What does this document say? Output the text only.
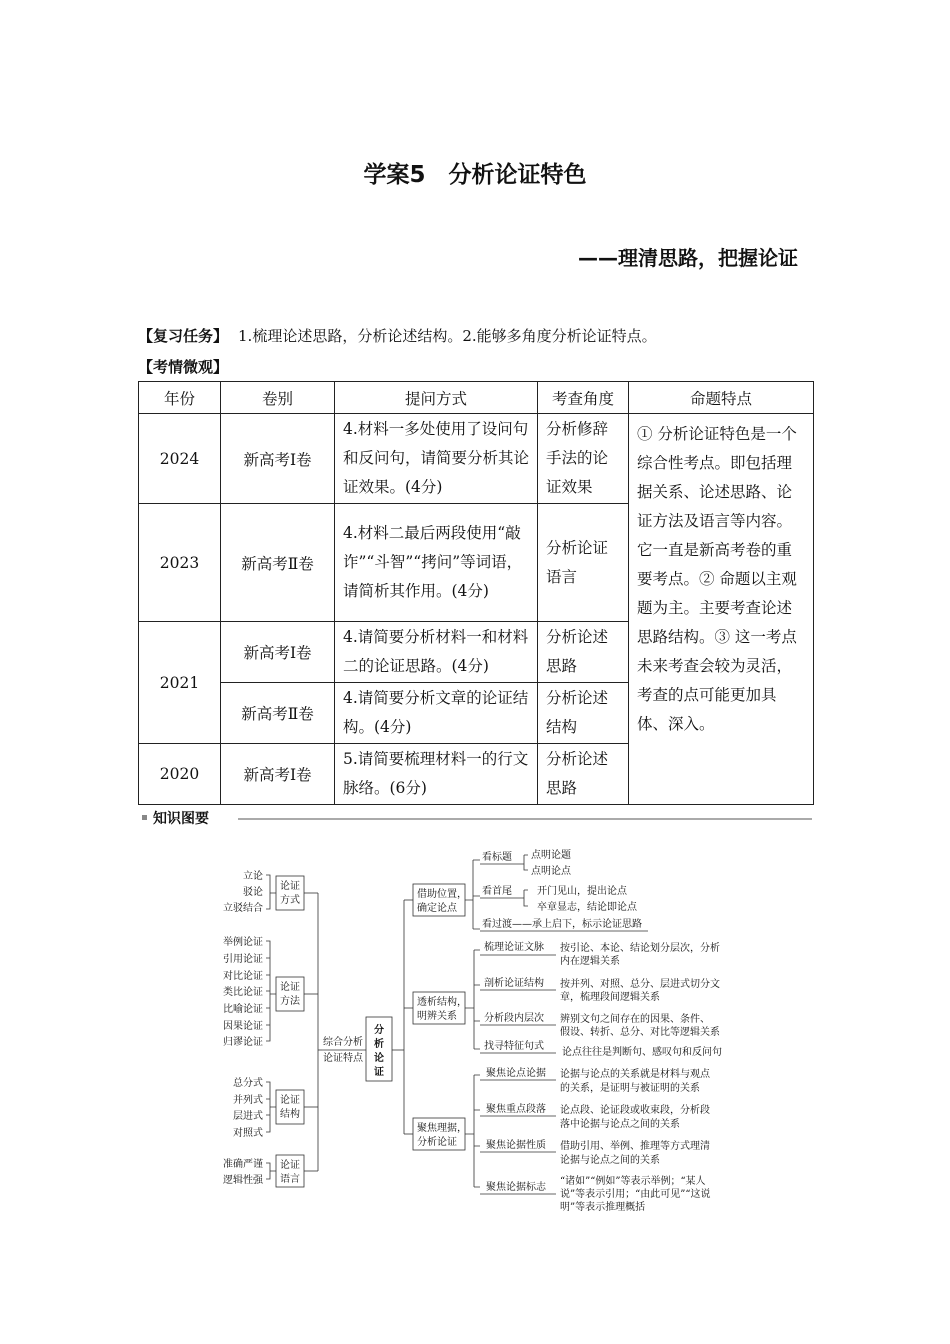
学案5　分析论证特色
——理清思路，把握论证
【复习任务】 1.梳理论述思路，分析论述结构。2.能够多角度分析论证特点。
【考情微观】
年份	卷别	提问方式	考查角度	命题特点
2024	新高考Ⅰ卷	4.材料一多处使用了设问句和反问句，请简要分析其论证效果。(4分)	分析修辞手法的论证效果	① 分析论证特色是一个综合性考点。即包括理据关系、论述思路、论证方法及语言等内容。它一直是新高考卷的重要考点。② 命题以主观题为主。主要考查论述思路结构。③ 这一考点未来考查会较为灵活，考查的点可能更加具体、深入。
2023	新高考Ⅱ卷	4.材料二最后两段使用“敲诈”“斗智”“拷问”等词语，请简析其作用。(4分)	分析论证语言	
2021	新高考Ⅰ卷	4.请简要分析材料一和材料二的论证思路。(4分)	分析论述思路	
	新高考Ⅱ卷	4.请简要分析文章的论证结构。(4分)	分析论述结构	
2020	新高考Ⅰ卷	5.请简要梳理材料一的行文脉络。(6分)	分析论述思路	
知识图要
分
析
论
证
综合分析
论证特点
论证
方式
立论
驳论
立驳结合
论证
方法
举例论证
引用论证
对比论证
类比论证
比喻论证
因果论证
归谬论证
论证
结构
总分式
并列式
层进式
对照式
论证
语言
准确严谨
逻辑性强
借助位置，
确定论点
看标题 点明论题
点明论点
看首尾	开门见山，提出论点
卒章显志，结论即论点
看过渡——承上启下，标示论证思路
透析结构，
明辨关系
梳理论证文脉 按引论、本论、结论划分层次，分析
内在逻辑关系
剖析论证结构 按并列、对照、总分、层进式切分文
章，梳理段间逻辑关系
分析段内层次 辨别文句之间存在的因果、条件、
假设、转折、总分、对比等逻辑关系
找寻特征句式
论点往往是判断句、感叹句和反问句
聚焦理据，
分析论证
聚焦论点论据 论据与论点的关系就是材料与观点
的关系，是证明与被证明的关系
聚焦重点段落 论点段、论证段或收束段，分析段
落中论据与论点之间的关系
聚焦论据性质 借助引用、举例、推理等方式理清
论据与论点之间的关系
聚焦论据标志
“诸如”“例如”等表示举例；“某人
说”等表示引用；“由此可见”“这说
明”等表示推理概括
